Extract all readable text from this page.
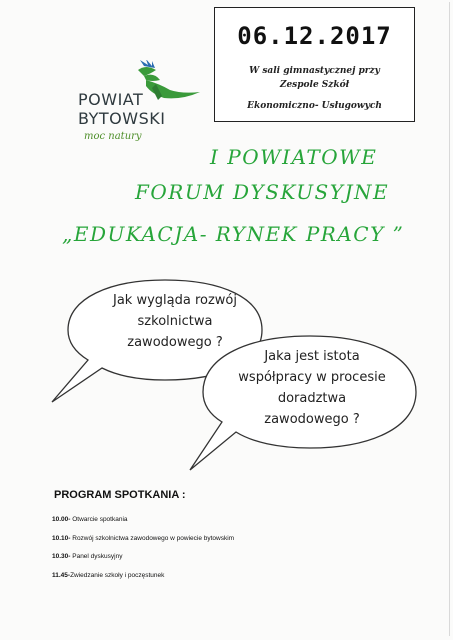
POWIAT
BYTOWSKI
moc natury
06.12.2017
W sali gimnastycznej przy
Zespole Szkół
Ekonomiczno- Usługowych
I POWIATOWE
FORUM DYSKUSYJNE
„EDUKACJA- RYNEK PRACY ”
Jak wygląda rozwój
szkolnictwa
zawodowego ?
Jaka jest istota
współpracy w procesie
doradztwa
zawodowego ?
PROGRAM SPOTKANIA :
10.00- Otwarcie spotkania
10.10- Rozwój szkolnictwa zawodowego w powiecie bytowskim
10.30- Panel dyskusyjny
11.45-Zwiedzanie szkoły i poczęstunek
